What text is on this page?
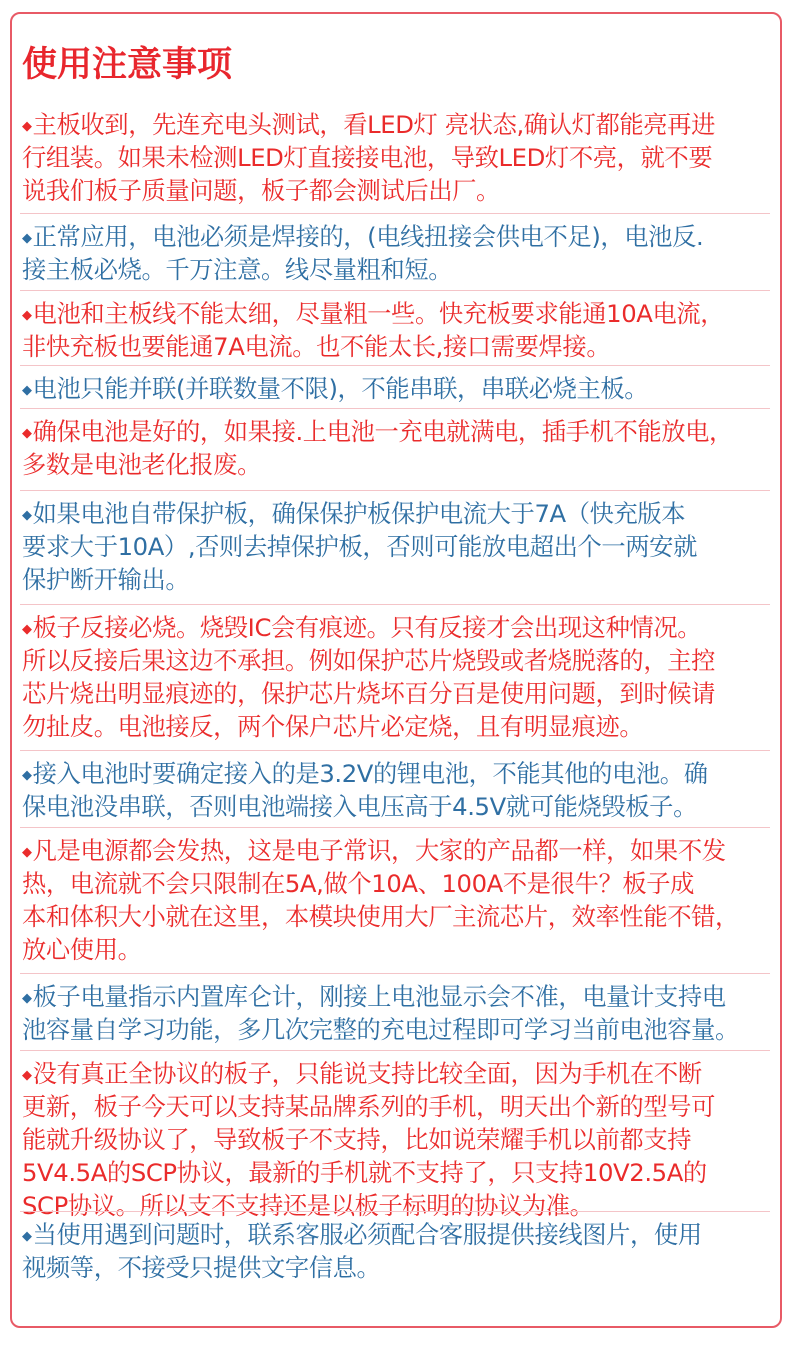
使用注意事项
◆主板收到，先连充电头测试，看LED灯 亮状态,确认灯都能亮再进
行组装。如果未检测LED灯直接接电池，导致LED灯不亮，就不要
说我们板子质量问题，板子都会测试后出厂。
◆正常应用，电池必须是焊接的，(电线扭接会供电不足)，电池反.
接主板必烧。千万注意。线尽量粗和短。
◆电池和主板线不能太细，尽量粗一些。快充板要求能通10A电流，
非快充板也要能通7A电流。也不能太长,接口需要焊接。
◆电池只能并联(并联数量不限)，不能串联，串联必烧主板。
◆确保电池是好的，如果接.上电池一充电就满电，插手机不能放电，
多数是电池老化报废。
◆如果电池自带保护板，确保保护板保护电流大于7A（快充版本
要求大于10A）,否则去掉保护板，否则可能放电超出个一两安就
保护断开输出。
◆板子反接必烧。烧毁IC会有痕迹。只有反接才会出现这种情况。
所以反接后果这边不承担。例如保护芯片烧毁或者烧脱落的，主控
芯片烧出明显痕迹的，保护芯片烧坏百分百是使用问题，到时候请
勿扯皮。电池接反，两个保户芯片必定烧，且有明显痕迹。
◆接入电池时要确定接入的是3.2V的锂电池，不能其他的电池。确
保电池没串联，否则电池端接入电压高于4.5V就可能烧毁板子。
◆凡是电源都会发热，这是电子常识，大家的产品都一样，如果不发
热，电流就不会只限制在5A,做个10A、100A不是很牛？板子成
本和体积大小就在这里，本模块使用大厂主流芯片，效率性能不错，
放心使用。
◆板子电量指示内置库仑计，刚接上电池显示会不准，电量计支持电
池容量自学习功能，多几次完整的充电过程即可学习当前电池容量。
◆没有真正全协议的板子，只能说支持比较全面，因为手机在不断
更新，板子今天可以支持某品牌系列的手机，明天出个新的型号可
能就升级协议了，导致板子不支持，比如说荣耀手机以前都支持
5V4.5A的SCP协议，最新的手机就不支持了，只支持10V2.5A的
SCP协议。所以支不支持还是以板子标明的协议为准。
◆当使用遇到问题时，联系客服必须配合客服提供接线图片，使用
视频等，不接受只提供文字信息。
